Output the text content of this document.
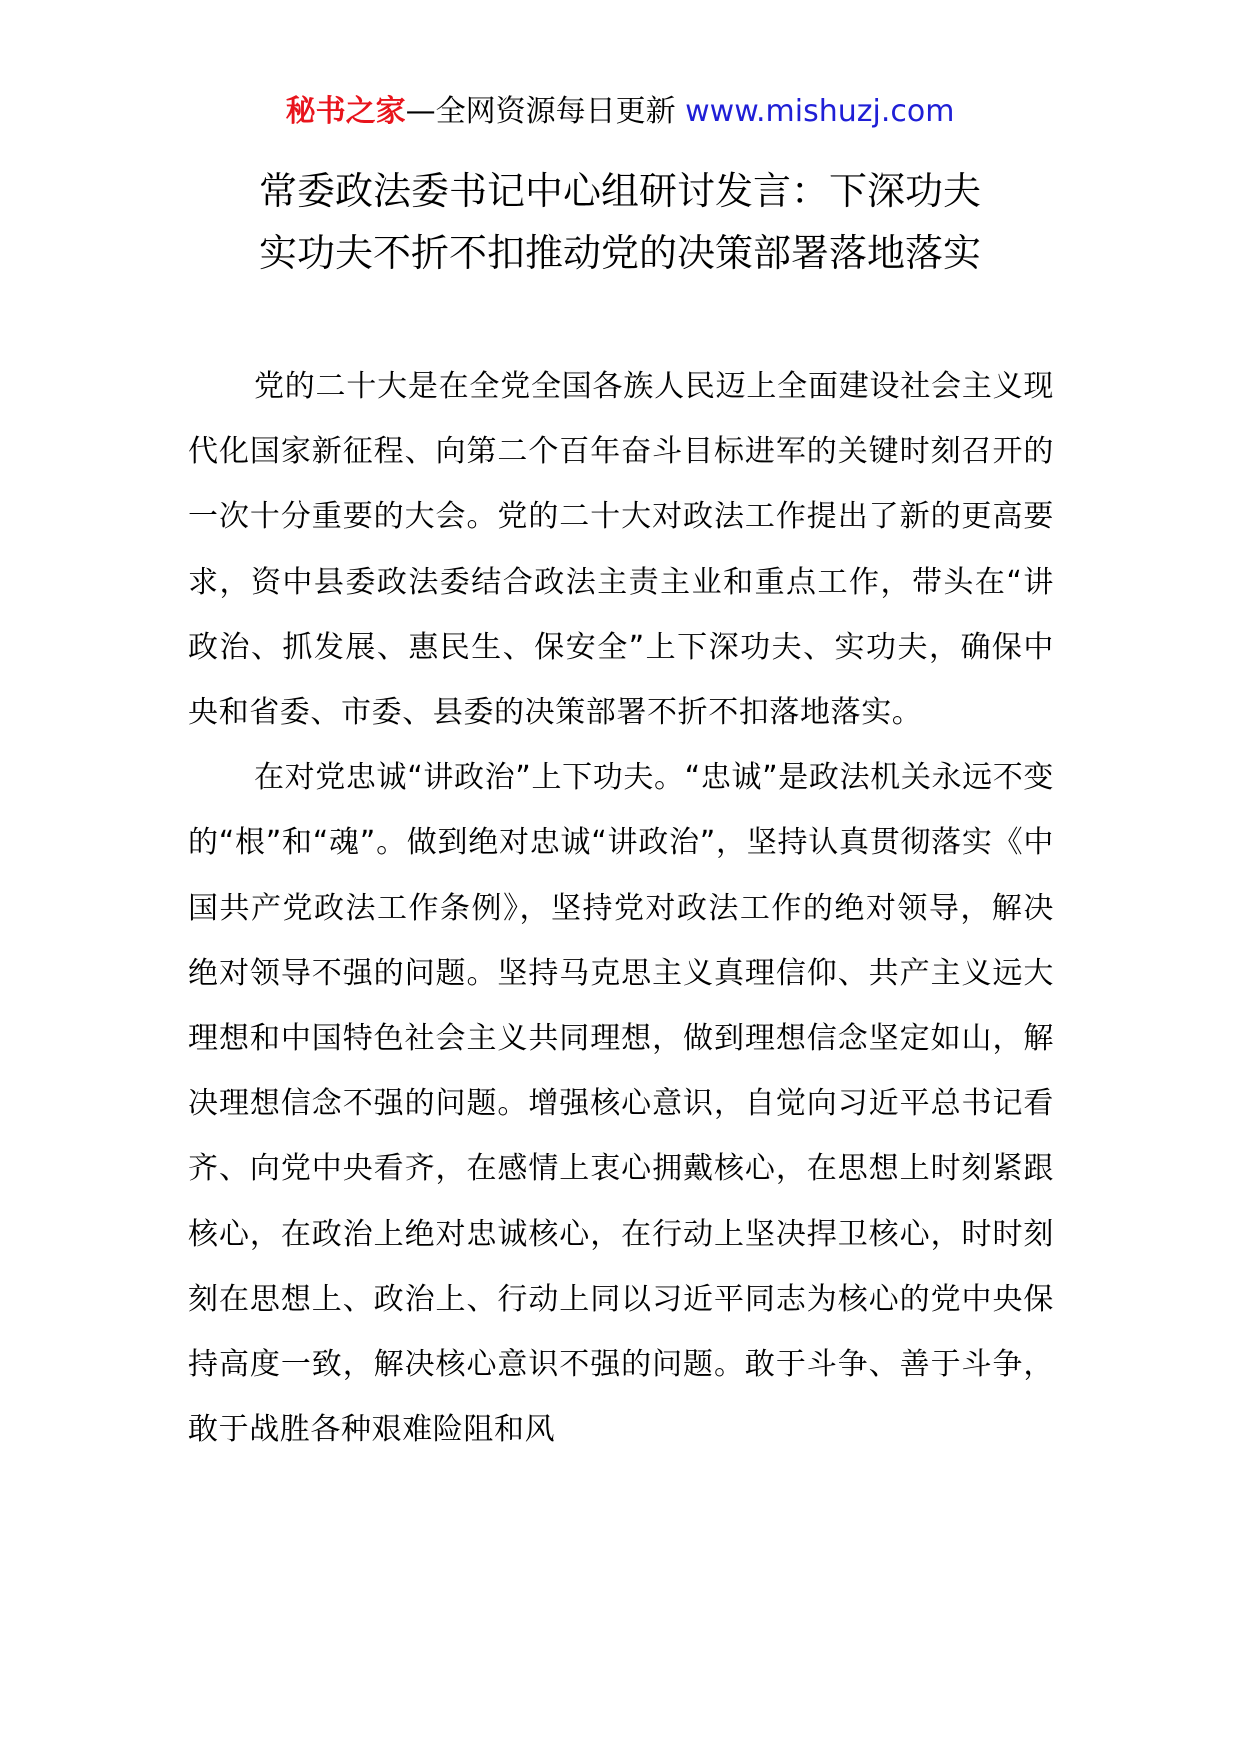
秘书之家—全网资源每日更新 www.mishuzj.com
常委政法委书记中心组研讨发言：下深功夫
实功夫不折不扣推动党的决策部署落地落实

党的二十大是在全党全国各族人民迈上全面建设社会主义现代化国家新征程、向第二个百年奋斗目标进军的关键时刻召开的一次十分重要的大会。党的二十大对政法工作提出了新的更高要求，资中县委政法委结合政法主责主业和重点工作，带头在“讲政治、抓发展、惠民生、保安全”上下深功夫、实功夫，确保中央和省委、市委、县委的决策部署不折不扣落地落实。

在对党忠诚“讲政治”上下功夫。“忠诚”是政法机关永远不变的“根”和“魂”。做到绝对忠诚“讲政治”，坚持认真贯彻落实《中国共产党政法工作条例》，坚持党对政法工作的绝对领导，解决绝对领导不强的问题。坚持马克思主义真理信仰、共产主义远大理想和中国特色社会主义共同理想，做到理想信念坚定如山，解决理想信念不强的问题。增强核心意识，自觉向习近平总书记看齐、向党中央看齐，在感情上衷心拥戴核心，在思想上时刻紧跟核心，在政治上绝对忠诚核心，在行动上坚决捍卫核心，时时刻刻在思想上、政治上、行动上同以习近平同志为核心的党中央保持高度一致，解决核心意识不强的问题。敢于斗争、善于斗争，敢于战胜各种艰难险阻和风
